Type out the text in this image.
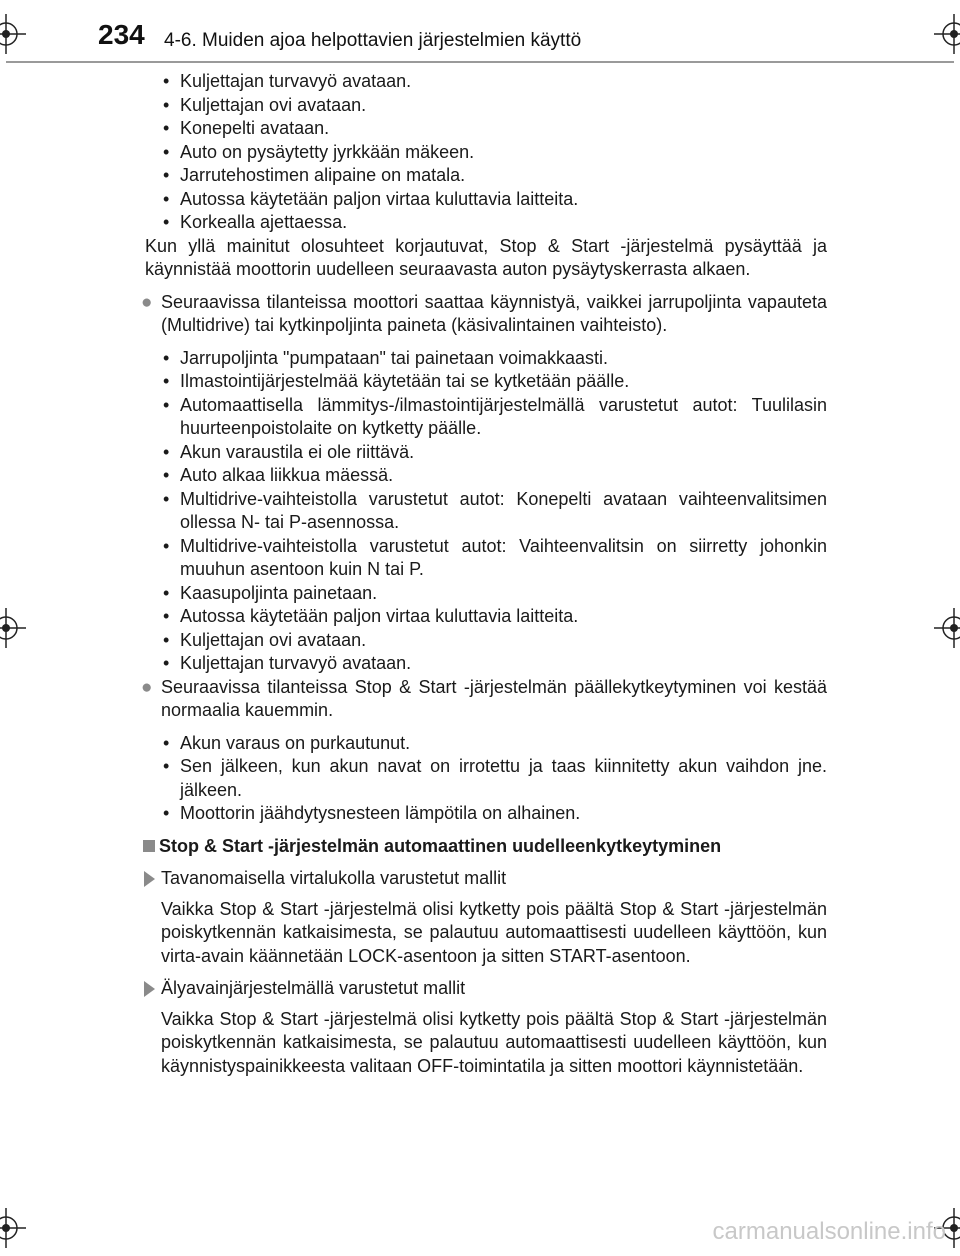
234 4-6. Muiden ajoa helpottavien järjestelmien käyttö
• Kuljettajan turvavyö avataan.
• Kuljettajan ovi avataan.
• Konepelti avataan.
• Auto on pysäytetty jyrkkään mäkeen.
• Jarrutehostimen alipaine on matala.
• Autossa käytetään paljon virtaa kuluttavia laitteita.
• Korkealla ajettaessa.

Kun yllä mainitut olosuhteet korjautuvat, Stop & Start -järjestelmä pysäyttää ja käynnistää moottorin uudelleen seuraavasta auton pysäytyskerrasta alkaen.

● Seuraavissa tilanteissa moottori saattaa käynnistyä, vaikkei jarrupoljinta vapauteta (Multidrive) tai kytkinpoljinta paineta (käsivalintainen vaihteisto).

• Jarrupoljinta "pumpataan" tai painetaan voimakkaasti.
• Ilmastointijärjestelmää käytetään tai se kytketään päälle.
• Automaattisella lämmitys-/ilmastointijärjestelmällä varustetut autot: Tuulilasin huurteenpoistolaite on kytketty päälle.
• Akun varaustila ei ole riittävä.
• Auto alkaa liikkua mäessä.
• Multidrive-vaihteistolla varustetut autot: Konepelti avataan vaihteenvalitsimen ollessa N- tai P-asennossa.
• Multidrive-vaihteistolla varustetut autot: Vaihteenvalitsin on siirretty johonkin muuhun asentoon kuin N tai P.
• Kaasupoljinta painetaan.
• Autossa käytetään paljon virtaa kuluttavia laitteita.
• Kuljettajan ovi avataan.
• Kuljettajan turvavyö avataan.

● Seuraavissa tilanteissa Stop & Start -järjestelmän päällekytkeytyminen voi kestää normaalia kauemmin.

• Akun varaus on purkautunut.
• Sen jälkeen, kun akun navat on irrotettu ja taas kiinnitetty akun vaihdon jne. jälkeen.
• Moottorin jäähdytysnesteen lämpötila on alhainen.

Stop & Start -järjestelmän automaattinen uudelleenkytkeytyminen

Tavanomaisella virtalukolla varustetut mallit

Vaikka Stop & Start -järjestelmä olisi kytketty pois päältä Stop & Start -järjestelmän poiskytkennän katkaisimesta, se palautuu automaattisesti uudelleen käyttöön, kun virta-avain käännetään LOCK-asentoon ja sitten START-asentoon.

Älyavainjärjestelmällä varustetut mallit

Vaikka Stop & Start -järjestelmä olisi kytketty pois päältä Stop & Start -järjestelmän poiskytkennän katkaisimesta, se palautuu automaattisesti uudelleen käyttöön, kun käynnistyspainikkeesta valitaan OFF-toimintatila ja sitten moottori käynnistetään.

carmanualsonline.info
